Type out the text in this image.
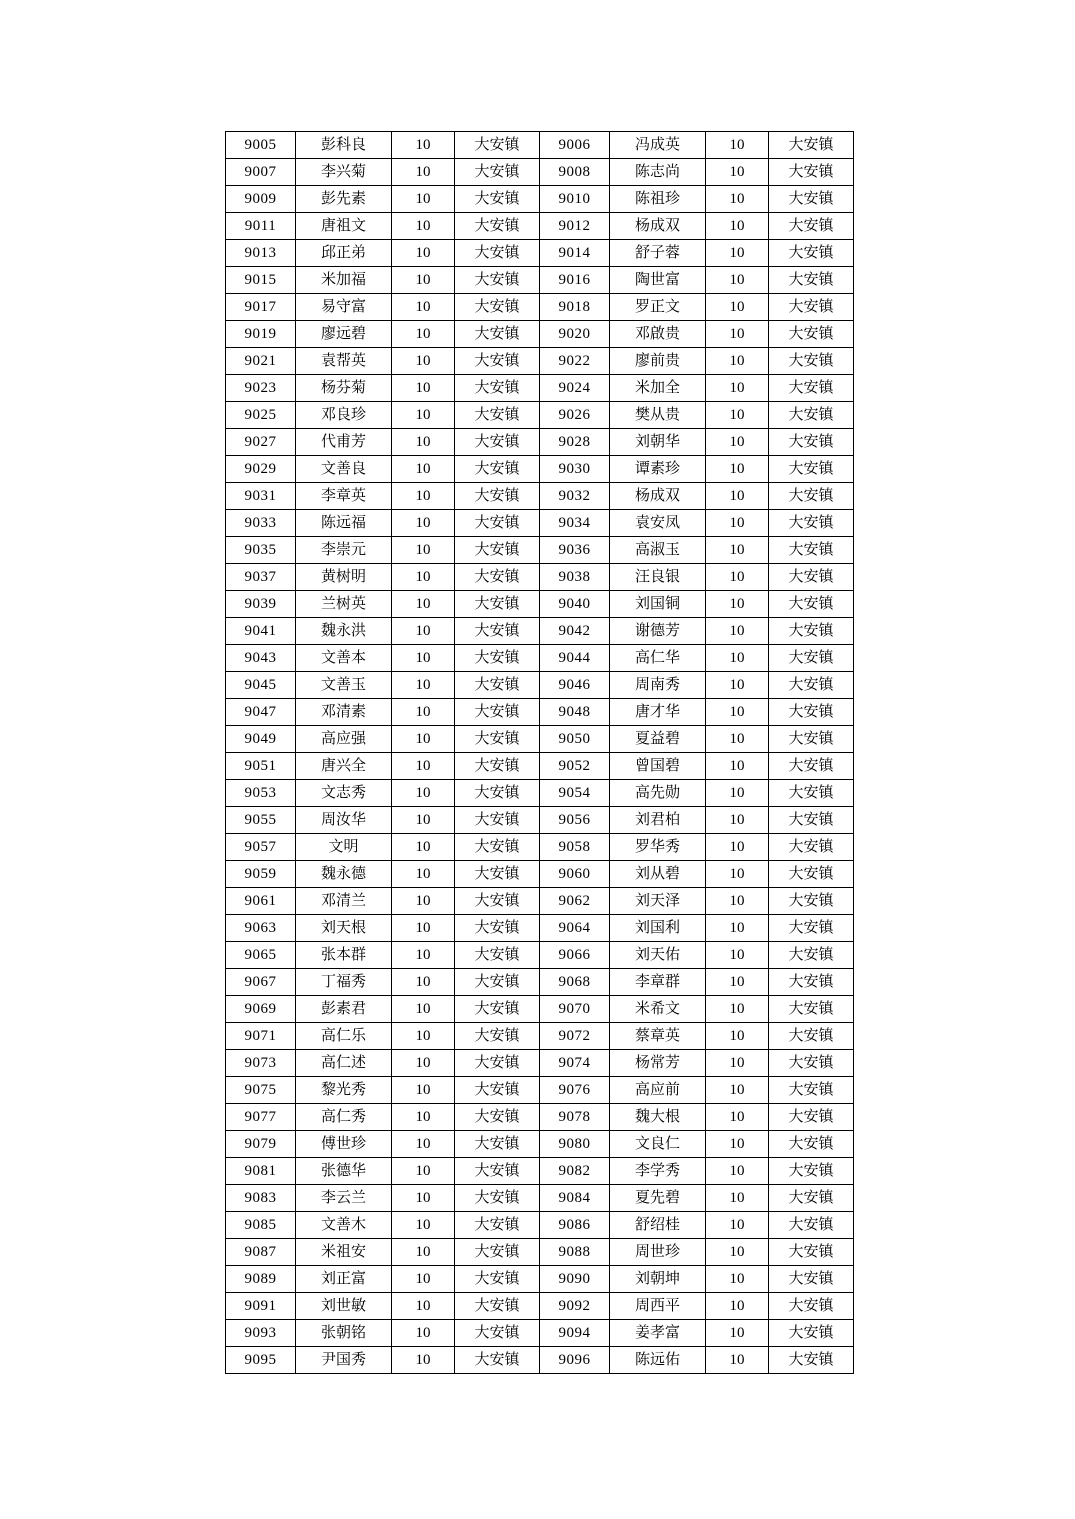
9005	彭科良	10	大安镇	9006	冯成英	10	大安镇
9007	李兴菊	10	大安镇	9008	陈志尚	10	大安镇
9009	彭先素	10	大安镇	9010	陈祖珍	10	大安镇
9011	唐祖文	10	大安镇	9012	杨成双	10	大安镇
9013	邱正弟	10	大安镇	9014	舒子蓉	10	大安镇
9015	米加福	10	大安镇	9016	陶世富	10	大安镇
9017	易守富	10	大安镇	9018	罗正文	10	大安镇
9019	廖远碧	10	大安镇	9020	邓啟贵	10	大安镇
9021	袁帮英	10	大安镇	9022	廖前贵	10	大安镇
9023	杨芬菊	10	大安镇	9024	米加全	10	大安镇
9025	邓良珍	10	大安镇	9026	樊从贵	10	大安镇
9027	代甫芳	10	大安镇	9028	刘朝华	10	大安镇
9029	文善良	10	大安镇	9030	谭素珍	10	大安镇
9031	李章英	10	大安镇	9032	杨成双	10	大安镇
9033	陈远福	10	大安镇	9034	袁安凤	10	大安镇
9035	李崇元	10	大安镇	9036	高淑玉	10	大安镇
9037	黄树明	10	大安镇	9038	汪良银	10	大安镇
9039	兰树英	10	大安镇	9040	刘国铜	10	大安镇
9041	魏永洪	10	大安镇	9042	谢德芳	10	大安镇
9043	文善本	10	大安镇	9044	高仁华	10	大安镇
9045	文善玉	10	大安镇	9046	周南秀	10	大安镇
9047	邓清素	10	大安镇	9048	唐才华	10	大安镇
9049	高应强	10	大安镇	9050	夏益碧	10	大安镇
9051	唐兴全	10	大安镇	9052	曾国碧	10	大安镇
9053	文志秀	10	大安镇	9054	高先勋	10	大安镇
9055	周汝华	10	大安镇	9056	刘君柏	10	大安镇
9057	文明	10	大安镇	9058	罗华秀	10	大安镇
9059	魏永德	10	大安镇	9060	刘从碧	10	大安镇
9061	邓清兰	10	大安镇	9062	刘天泽	10	大安镇
9063	刘天根	10	大安镇	9064	刘国利	10	大安镇
9065	张本群	10	大安镇	9066	刘天佑	10	大安镇
9067	丁福秀	10	大安镇	9068	李章群	10	大安镇
9069	彭素君	10	大安镇	9070	米希文	10	大安镇
9071	高仁乐	10	大安镇	9072	蔡章英	10	大安镇
9073	高仁述	10	大安镇	9074	杨常芳	10	大安镇
9075	黎光秀	10	大安镇	9076	高应前	10	大安镇
9077	高仁秀	10	大安镇	9078	魏大根	10	大安镇
9079	傅世珍	10	大安镇	9080	文良仁	10	大安镇
9081	张德华	10	大安镇	9082	李学秀	10	大安镇
9083	李云兰	10	大安镇	9084	夏先碧	10	大安镇
9085	文善木	10	大安镇	9086	舒绍桂	10	大安镇
9087	米祖安	10	大安镇	9088	周世珍	10	大安镇
9089	刘正富	10	大安镇	9090	刘朝坤	10	大安镇
9091	刘世敏	10	大安镇	9092	周西平	10	大安镇
9093	张朝铭	10	大安镇	9094	姜孝富	10	大安镇
9095	尹国秀	10	大安镇	9096	陈远佑	10	大安镇
